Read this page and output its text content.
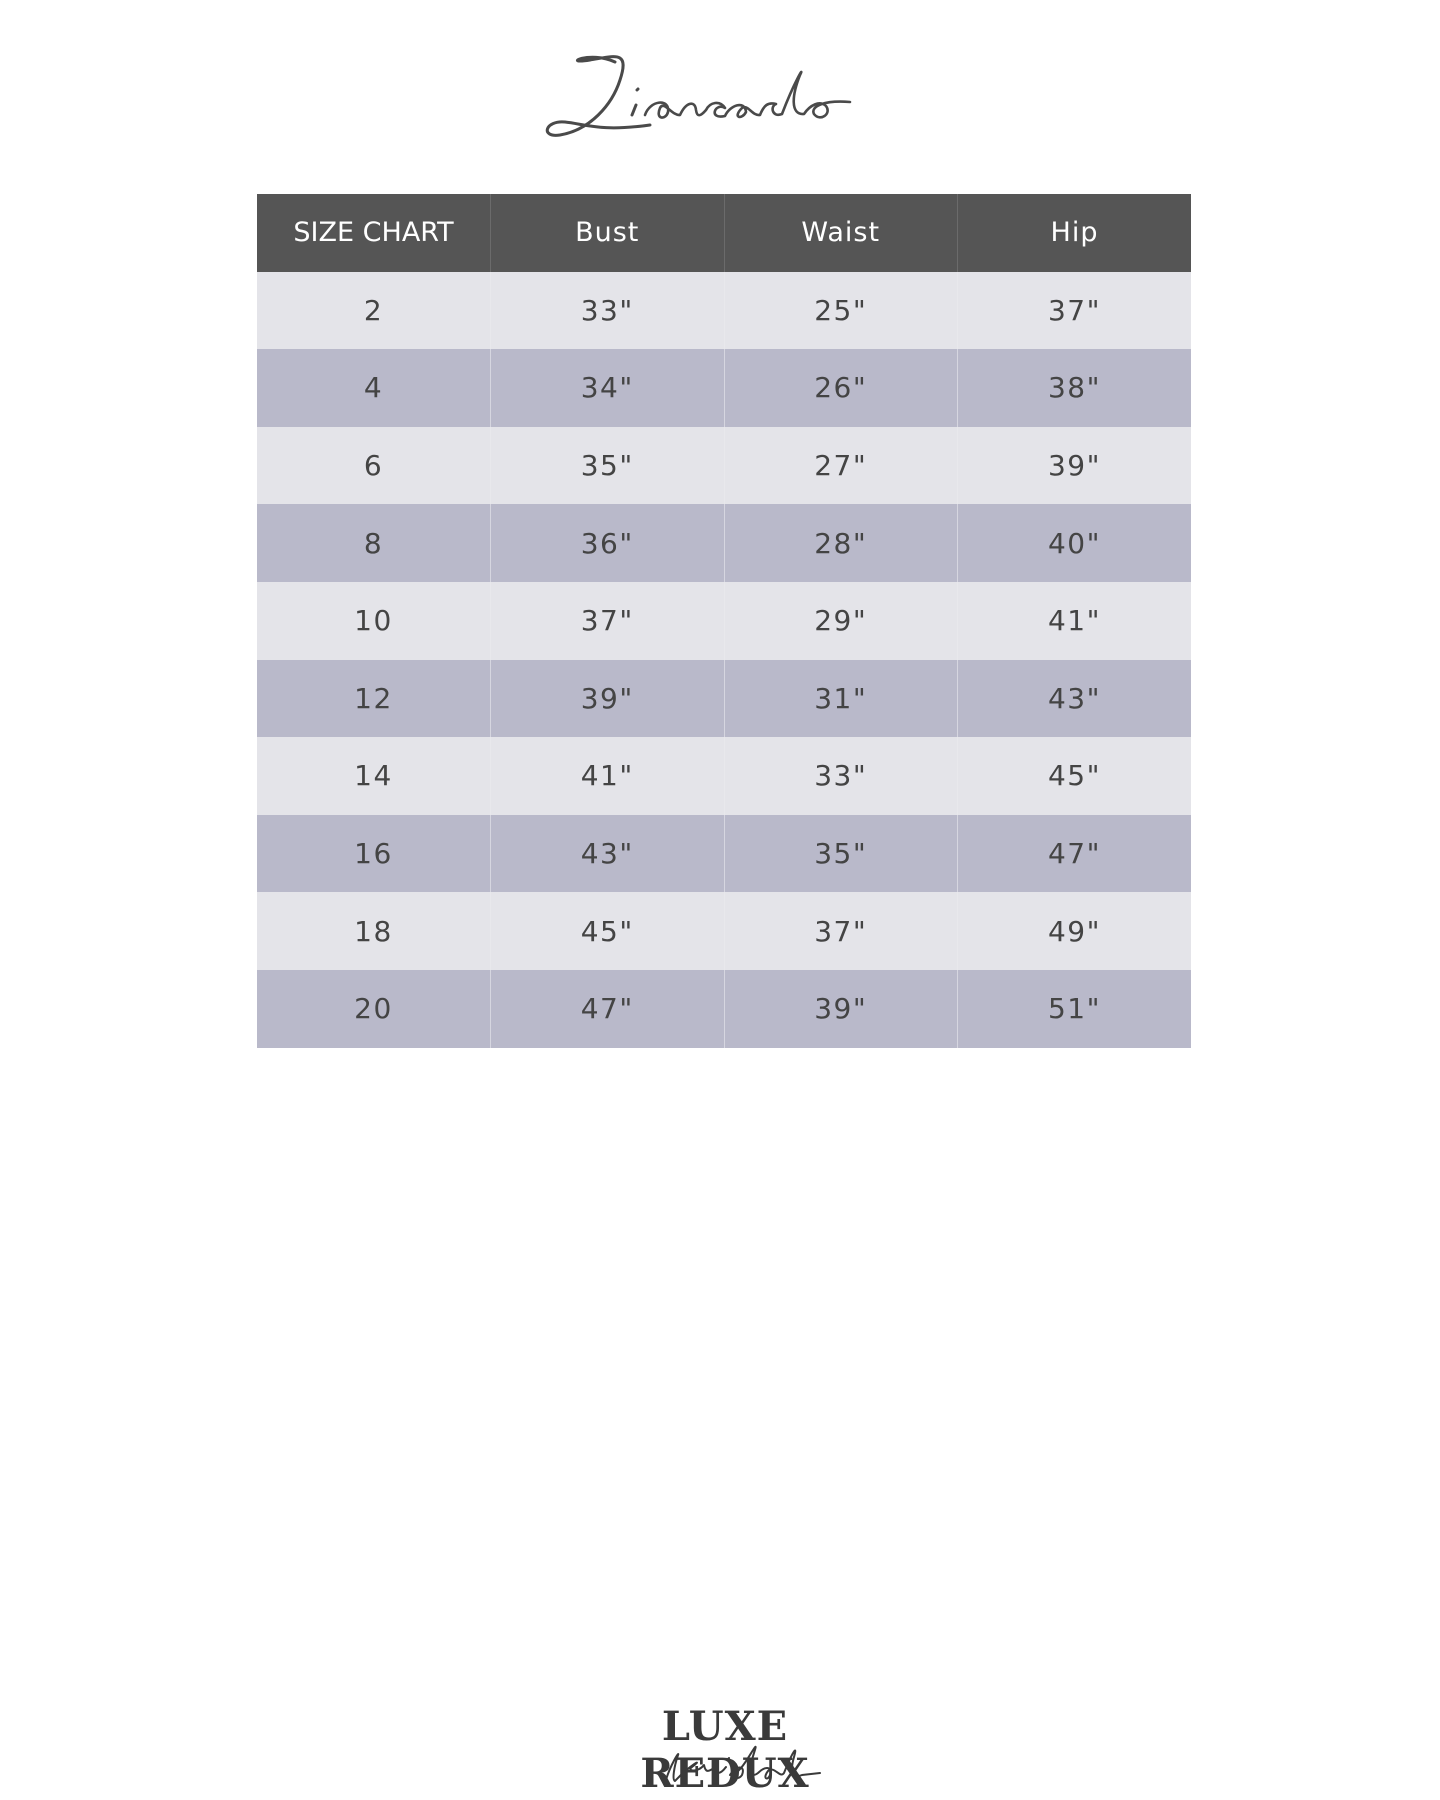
SIZE CHART	Bust	Waist	Hip
2	33"	25"	37"
4	34"	26"	38"
6	35"	27"	39"
8	36"	28"	40"
10	37"	29"	41"
12	39"	31"	43"
14	41"	33"	45"
16	43"	35"	47"
18	45"	37"	49"
20	47"	39"	51"
LUXE REDUX
